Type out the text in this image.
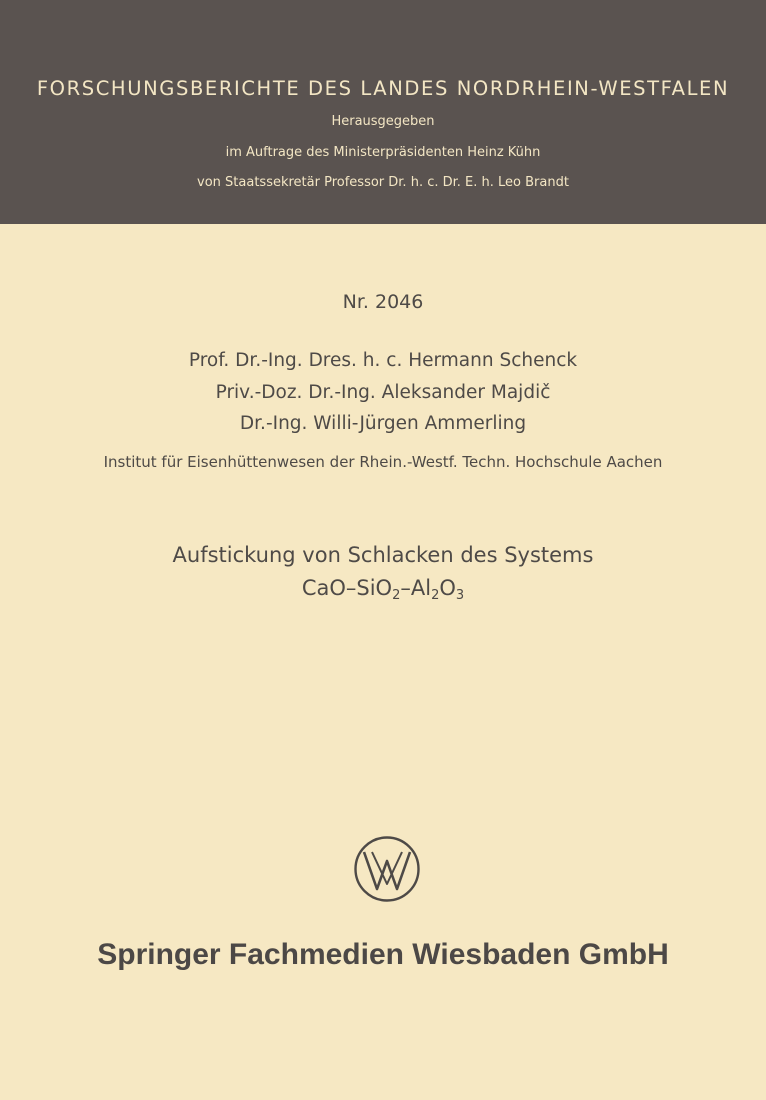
FORSCHUNGSBERICHTE DES LANDES NORDRHEIN-WESTFALEN
Herausgegeben
im Auftrage des Ministerpräsidenten Heinz Kühn
von Staatssekretär Professor Dr. h. c. Dr. E. h. Leo Brandt
Nr. 2046
Prof. Dr.-Ing. Dres. h. c. Hermann Schenck
Priv.-Doz. Dr.-Ing. Aleksander Majdič
Dr.-Ing. Willi-Jürgen Ammerling
Institut für Eisenhüttenwesen der Rhein.-Westf. Techn. Hochschule Aachen
Aufstickung von Schlacken des Systems
CaO–$SiO_2-Al_2O_3$
Springer Fachmedien Wiesbaden GmbH
